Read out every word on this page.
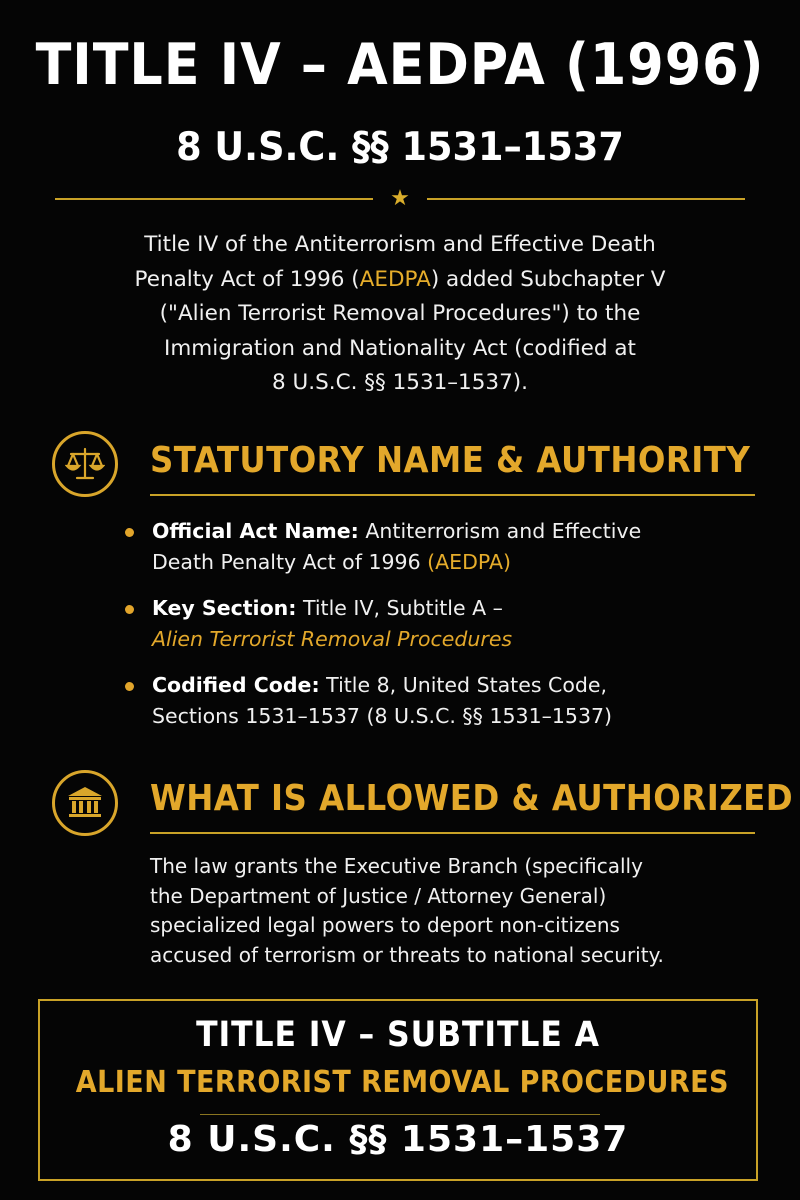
TITLE IV – AEDPA (1996)
8 U.S.C. §§ 1531–1537
★
Title IV of the Antiterrorism and Effective Death
Penalty Act of 1996 (AEDPA) added Subchapter V
("Alien Terrorist Removal Procedures") to the
Immigration and Nationality Act (codified at
8 U.S.C. §§ 1531–1537).
STATUTORY NAME & AUTHORITY
Official Act Name: Antiterrorism and Effective
Death Penalty Act of 1996 (AEDPA)
Key Section: Title IV, Subtitle A –
Alien Terrorist Removal Procedures
Codified Code: Title 8, United States Code,
Sections 1531–1537 (8 U.S.C. §§ 1531–1537)
WHAT IS ALLOWED & AUTHORIZED
The law grants the Executive Branch (specifically
the Department of Justice / Attorney General)
specialized legal powers to deport non-citizens
accused of terrorism or threats to national security.
TITLE IV – SUBTITLE A
ALIEN TERRORIST REMOVAL PROCEDURES
8 U.S.C. §§ 1531–1537
